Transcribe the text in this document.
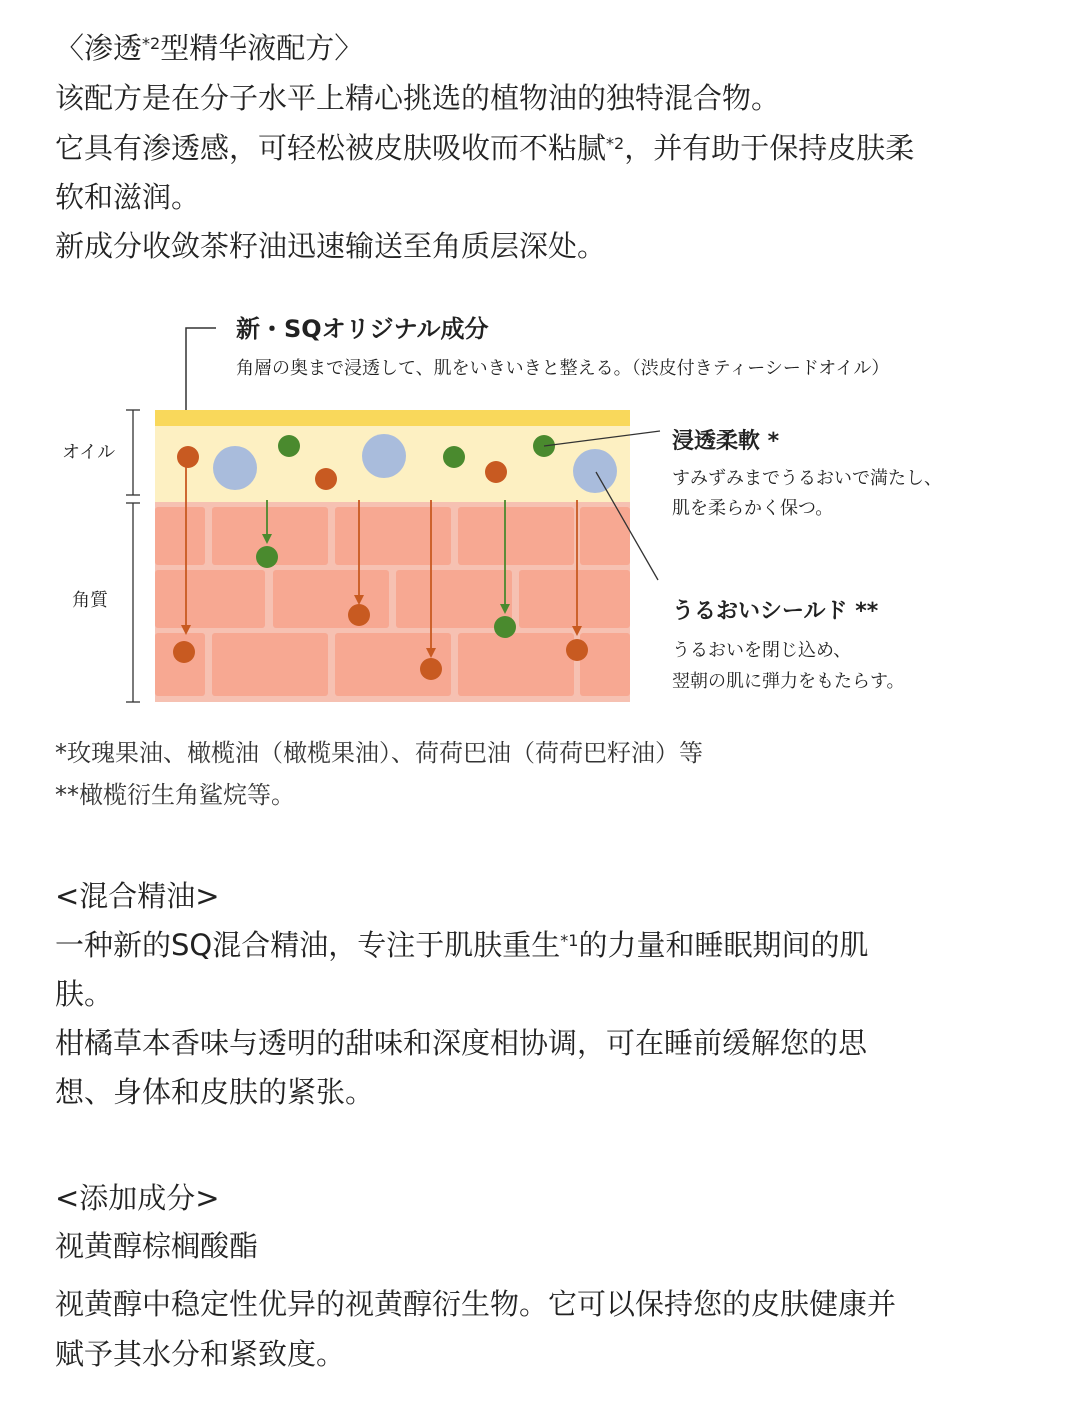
〈渗透$^{*2}$型精华液配方〉
该配方是在分子水平上精心挑选的植物油的独特混合物。
它具有渗透感，可轻松被皮肤吸收而不粘腻$^{*2}$，并有助于保持皮肤柔
软和滋润。
新成分收敛茶籽油迅速输送至角质层深处。
新・SQオリジナル成分
角層の奥まで浸透して、肌をいきいきと整える。（渋皮付きティーシードオイル）
オイル
角質
浸透柔軟 *
すみずみまでうるおいで満たし、
肌を柔らかく保つ。
うるおいシールド **
うるおいを閉じ込め、
翌朝の肌に弾力をもたらす。
*玫瑰果油、橄榄油（橄榄果油）、荷荷巴油（荷荷巴籽油）等
**橄榄衍生角鲨烷等。
<混合精油>
一种新的SQ混合精油，专注于肌肤重生$^{*1}$的力量和睡眠期间的肌
肤。
柑橘草本香味与透明的甜味和深度相协调，可在睡前缓解您的思
想、身体和皮肤的紧张。
<添加成分>
视黄醇棕榈酸酯
视黄醇中稳定性优异的视黄醇衍生物。它可以保持您的皮肤健康并
赋予其水分和紧致度。
